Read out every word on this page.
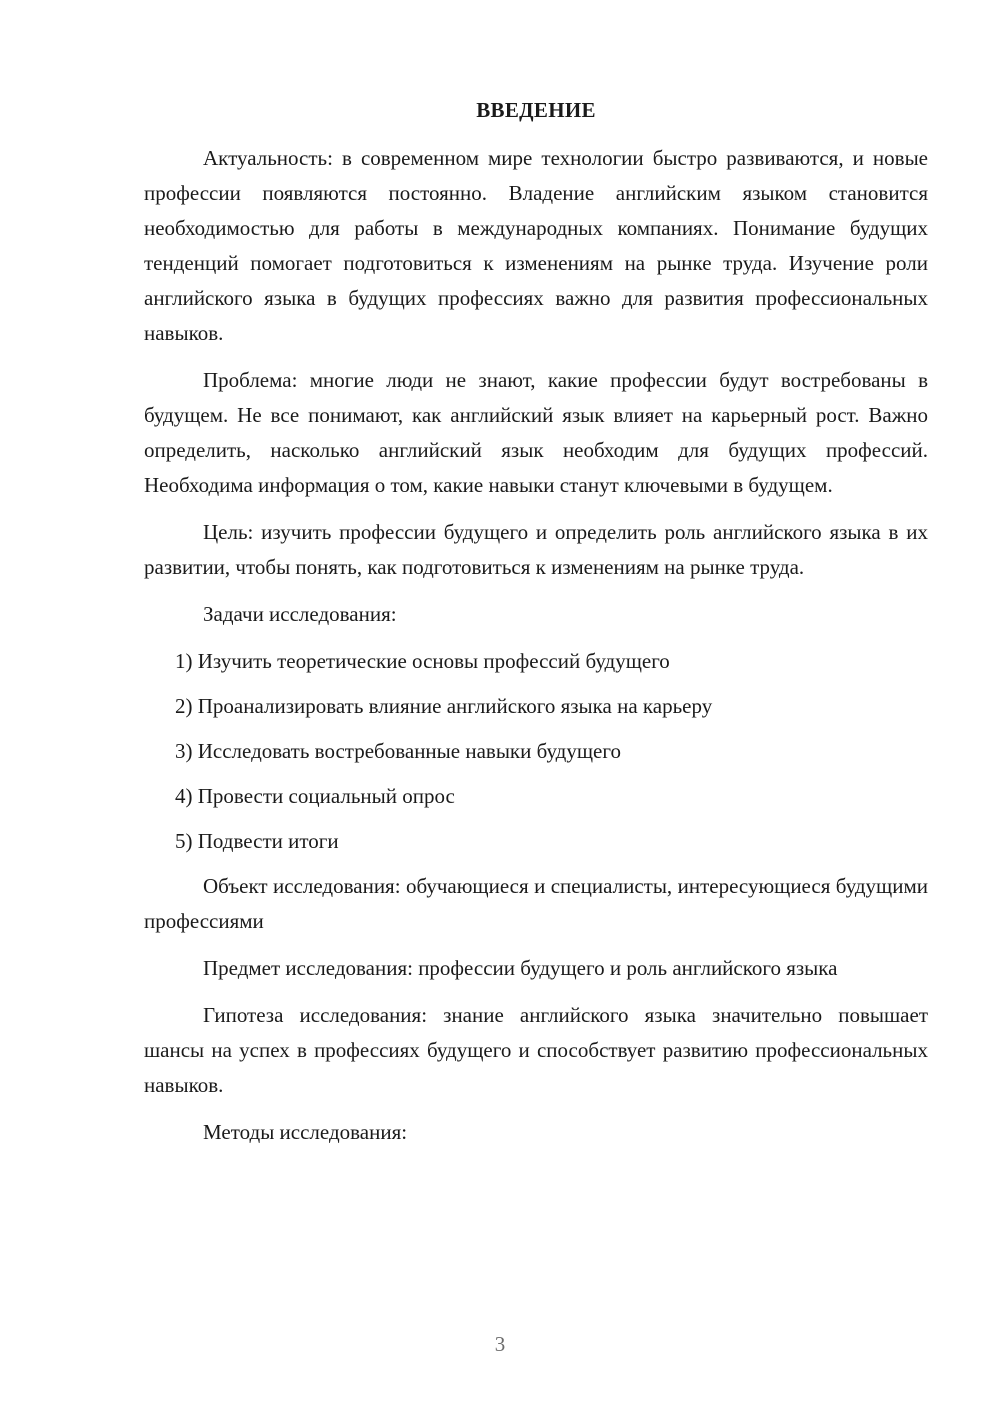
ВВЕДЕНИЕ

Актуальность: в современном мире технологии быстро развиваются, и новые профессии появляются постоянно. Владение английским языком становится необходимостью для работы в международных компаниях. Понимание будущих тенденций помогает подготовиться к изменениям на рынке труда. Изучение роли английского языка в будущих профессиях важно для развития профессиональных навыков.

Проблема: многие люди не знают, какие профессии будут востребованы в будущем. Не все понимают, как английский язык влияет на карьерный рост. Важно определить, насколько английский язык необходим для будущих профессий. Необходима информация о том, какие навыки станут ключевыми в будущем.

Цель: изучить профессии будущего и определить роль английского языка в их развитии, чтобы понять, как подготовиться к изменениям на рынке труда.

Задачи исследования:

1) Изучить теоретические основы профессий будущего
2) Проанализировать влияние английского языка на карьеру
3) Исследовать востребованные навыки будущего
4) Провести социальный опрос
5) Подвести итоги

Объект исследования: обучающиеся и специалисты, интересующиеся будущими профессиями

Предмет исследования: профессии будущего и роль английского языка

Гипотеза исследования: знание английского языка значительно повышает шансы на успех в профессиях будущего и способствует развитию профессиональных навыков.

Методы исследования:

3
